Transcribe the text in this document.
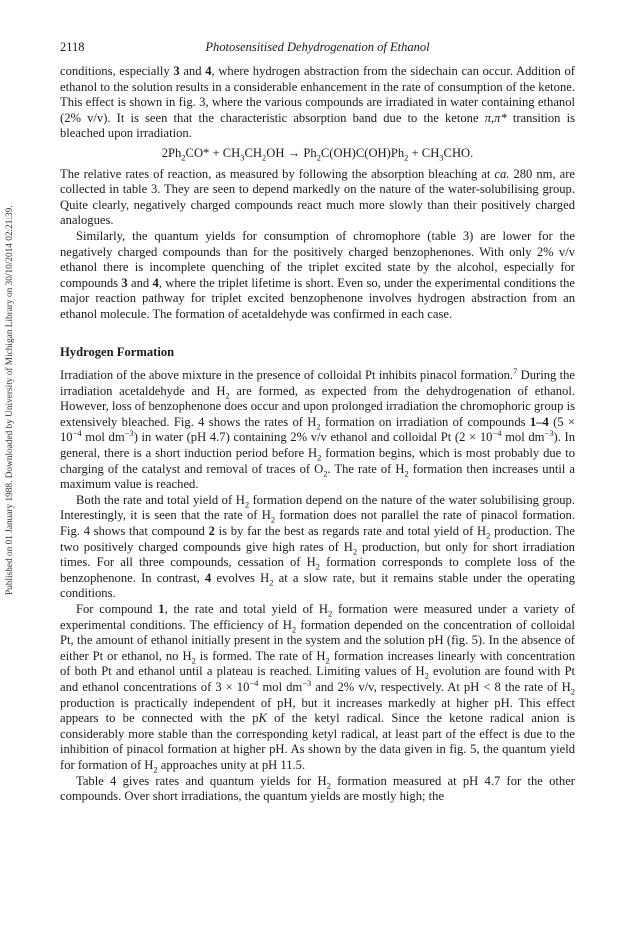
Published on 01 January 1988. Downloaded by University of Michigan Library on 30/10/2014 02:21:39.
2118	Photosensitised Dehydrogenation of Ethanol

conditions, especially 3 and 4, where hydrogen abstraction from the sidechain can occur. Addition of ethanol to the solution results in a considerable enhancement in the rate of consumption of the ketone. This effect is shown in fig. 3, where the various compounds are irradiated in water containing ethanol (2% v/v). It is seen that the characteristic absorption band due to the ketone π,π* transition is bleached upon irradiation.

$2Ph_2CO* + CH_3CH_2OH \to Ph_2C(OH)C(OH)Ph_2 + CH_3CHO$.

The relative rates of reaction, as measured by following the absorption bleaching at ca. 280 nm, are collected in table 3. They are seen to depend markedly on the nature of the water-solubilising group. Quite clearly, negatively charged compounds react much more slowly than their positively charged analogues.

Similarly, the quantum yields for consumption of chromophore (table 3) are lower for the negatively charged compounds than for the positively charged benzophenones. With only 2% v/v ethanol there is incomplete quenching of the triplet excited state by the alcohol, especially for compounds 3 and 4, where the triplet lifetime is short. Even so, under the experimental conditions the major reaction pathway for triplet excited benzophenone involves hydrogen abstraction from an ethanol molecule. The formation of acetaldehyde was confirmed in each case.

Hydrogen Formation

Irradiation of the above mixture in the presence of colloidal Pt inhibits pinacol formation.$^7$ During the irradiation acetaldehyde and $H_2$ are formed, as expected from the dehydrogenation of ethanol. However, loss of benzophenone does occur and upon prolonged irradiation the chromophoric group is extensively bleached. Fig. 4 shows the rates of $H_2$ formation on irradiation of compounds 1–4 ($5 \times 10^{-4}$ mol $dm^{-3}$) in water (pH 4.7) containing 2% v/v ethanol and colloidal Pt ($2 \times 10^{-4}$ mol $dm^{-3}$). In general, there is a short induction period before $H_2$ formation begins, which is most probably due to charging of the catalyst and removal of traces of $O_2$. The rate of $H_2$ formation then increases until a maximum value is reached.

Both the rate and total yield of $H_2$ formation depend on the nature of the water solubilising group. Interestingly, it is seen that the rate of $H_2$ formation does not parallel the rate of pinacol formation. Fig. 4 shows that compound 2 is by far the best as regards rate and total yield of $H_2$ production. The two positively charged compounds give high rates of $H_2$ production, but only for short irradiation times. For all three compounds, cessation of $H_2$ formation corresponds to complete loss of the benzophenone. In contrast, 4 evolves $H_2$ at a slow rate, but it remains stable under the operating conditions.

For compound 1, the rate and total yield of $H_2$ formation were measured under a variety of experimental conditions. The efficiency of $H_2$ formation depended on the concentration of colloidal Pt, the amount of ethanol initially present in the system and the solution pH (fig. 5). In the absence of either Pt or ethanol, no $H_2$ is formed. The rate of $H_2$ formation increases linearly with concentration of both Pt and ethanol until a plateau is reached. Limiting values of $H_2$ evolution are found with Pt and ethanol concentrations of $3 \times 10^{-4}$ mol $dm^{-3}$ and 2% v/v, respectively. At pH < 8 the rate of $H_2$ production is practically independent of pH, but it increases markedly at higher pH. This effect appears to be connected with the pK of the ketyl radical. Since the ketone radical anion is considerably more stable than the corresponding ketyl radical, at least part of the effect is due to the inhibition of pinacol formation at higher pH. As shown by the data given in fig. 5, the quantum yield for formation of $H_2$ approaches unity at pH 11.5.

Table 4 gives rates and quantum yields for $H_2$ formation measured at pH 4.7 for the other compounds. Over short irradiations, the quantum yields are mostly high; the
